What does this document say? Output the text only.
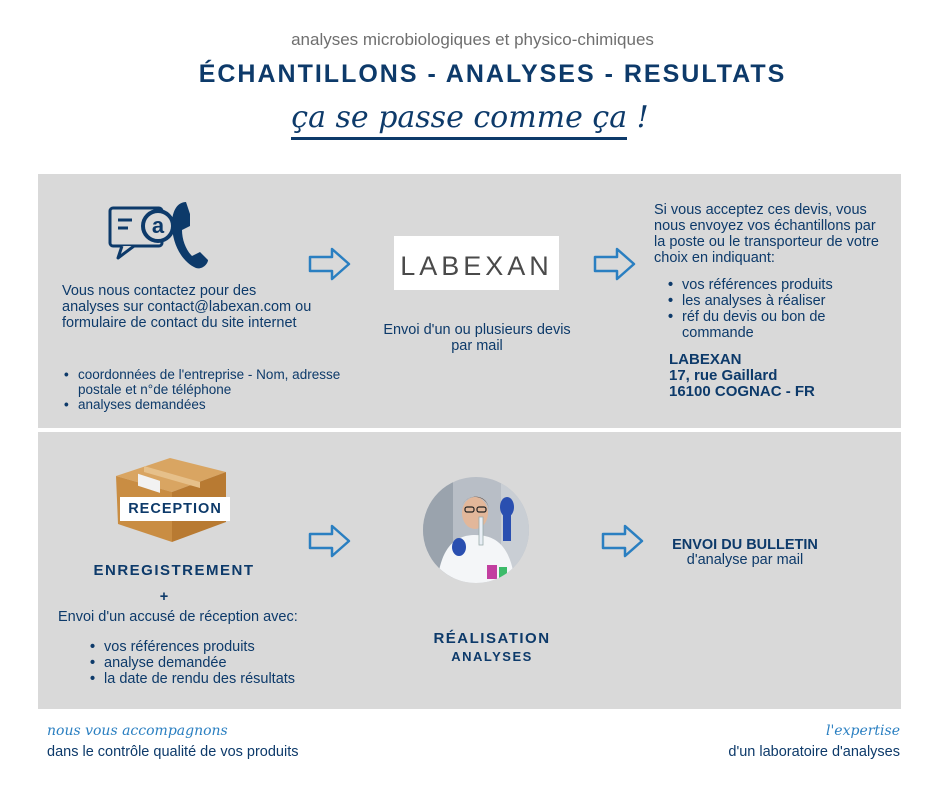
analyses microbiologiques et physico-chimiques
ÉCHANTILLONS - ANALYSES - RESULTATS
ça se passe comme ça !
a
Vous nous contactez pour des analyses sur contact@labexan.com ou formulaire de contact du site internet
• coordonnées de l'entreprise - Nom, adresse postale et n°de téléphone
• analyses demandées
LABEXAN
Envoi d'un ou plusieurs devis par mail
Si vous acceptez ces devis, vous nous envoyez vos échantillons par la poste ou le transporteur de votre choix en indiquant:
• vos références produits
• les analyses à réaliser
• réf du devis ou bon de commande
LABEXAN
17, rue Gaillard
16100 COGNAC - FR
RECEPTION
ENREGISTREMENT
+
Envoi d'un accusé de réception avec:
• vos références produits
• analyse demandée
• la date de rendu des résultats
RÉALISATION
ANALYSES
ENVOI DU BULLETIN
d'analyse par mail
nous vous accompagnons
dans le contrôle qualité de vos produits
l'expertise
d'un laboratoire d'analyses
